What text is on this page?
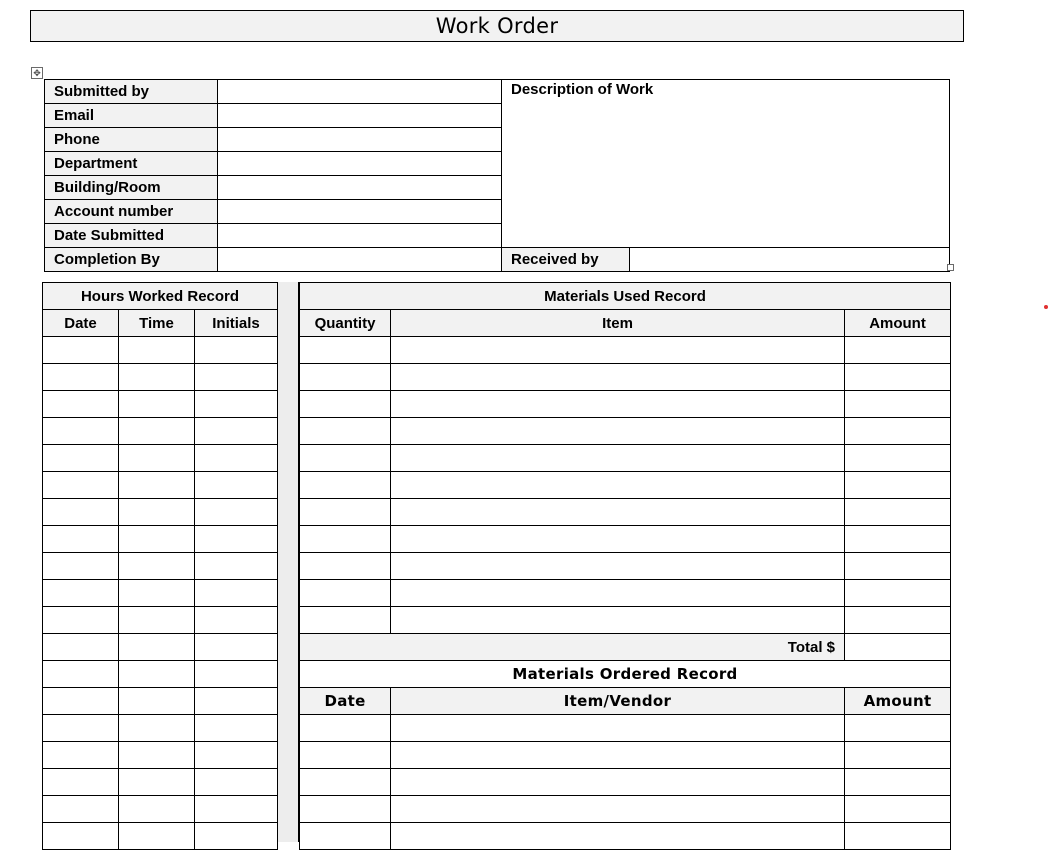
Work Order
✥
Submitted by		Description of Work	

Email			
Phone			
Department			
Building/Room			
Account number			
Date Submitted			
Completion By		Received by	
Hours Worked Record		
Date	Time	Initials

Materials Used Record		
Quantity	Item	Amount

Total $		
Materials Ordered Record		
Date	Item/Vendor	Amount
